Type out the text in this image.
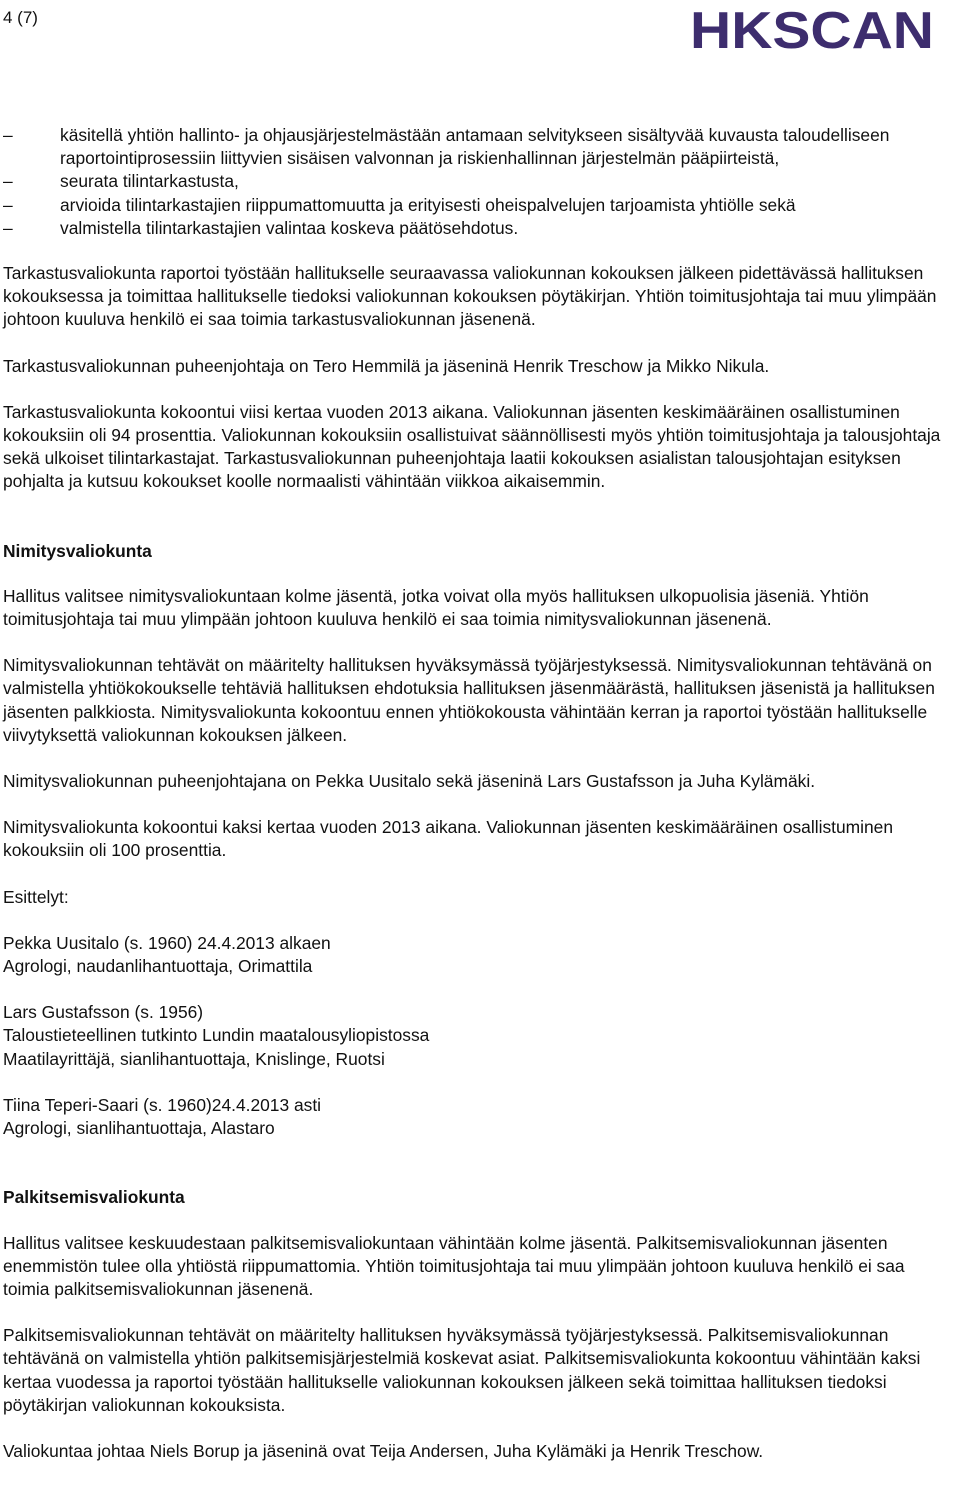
4 (7)	HKSCAN
–	käsitellä yhtiön hallinto- ja ohjausjärjestelmästään antamaan selvitykseen sisältyvää kuvausta taloudelliseen raportointiprosessiin liittyvien sisäisen valvonnan ja riskienhallinnan järjestelmän pääpiirteistä,
–	seurata tilintarkastusta,
–	arvioida tilintarkastajien riippumattomuutta ja erityisesti oheispalvelujen tarjoamista yhtiölle sekä
–	valmistella tilintarkastajien valintaa koskeva päätösehdotus.

Tarkastusvaliokunta raportoi työstään hallitukselle seuraavassa valiokunnan kokouksen jälkeen pidettävässä hallituksen kokouksessa ja toimittaa hallitukselle tiedoksi valiokunnan kokouksen pöytäkirjan. Yhtiön toimitusjohtaja tai muu ylimpään johtoon kuuluva henkilö ei saa toimia tarkastusvaliokunnan jäsenenä.

Tarkastusvaliokunnan puheenjohtaja on Tero Hemmilä ja jäseninä Henrik Treschow ja Mikko Nikula.

Tarkastusvaliokunta kokoontui viisi kertaa vuoden 2013 aikana. Valiokunnan jäsenten keskimääräinen osallistuminen kokouksiin oli 94 prosenttia. Valiokunnan kokouksiin osallistuivat säännöllisesti myös yhtiön toimitusjohtaja ja talousjohtaja sekä ulkoiset tilintarkastajat. Tarkastusvaliokunnan puheenjohtaja laatii kokouksen asialistan talousjohtajan esityksen pohjalta ja kutsuu kokoukset koolle normaalisti vähintään viikkoa aikaisemmin.

Nimitysvaliokunta

Hallitus valitsee nimitysvaliokuntaan kolme jäsentä, jotka voivat olla myös hallituksen ulkopuolisia jäseniä. Yhtiön toimitusjohtaja tai muu ylimpään johtoon kuuluva henkilö ei saa toimia nimitysvaliokunnan jäsenenä.

Nimitysvaliokunnan tehtävät on määritelty hallituksen hyväksymässä työjärjestyksessä. Nimitysvaliokunnan tehtävänä on valmistella yhtiökokoukselle tehtäviä hallituksen ehdotuksia hallituksen jäsenmäärästä, hallituksen jäsenistä ja hallituksen jäsenten palkkiosta. Nimitysvaliokunta kokoontuu ennen yhtiökokousta vähintään kerran ja raportoi työstään hallitukselle viivytyksettä valiokunnan kokouksen jälkeen.

Nimitysvaliokunnan puheenjohtajana on Pekka Uusitalo sekä jäseninä Lars Gustafsson ja Juha Kylämäki.

Nimitysvaliokunta kokoontui kaksi kertaa vuoden 2013 aikana. Valiokunnan jäsenten keskimääräinen osallistuminen kokouksiin oli 100 prosenttia.

Esittelyt:

Pekka Uusitalo (s. 1960) 24.4.2013 alkaen
Agrologi, naudanlihantuottaja, Orimattila

Lars Gustafsson (s. 1956)
Taloustieteellinen tutkinto Lundin maatalousyliopistossa
Maatilayrittäjä, sianlihantuottaja, Knislinge, Ruotsi

Tiina Teperi-Saari (s. 1960)24.4.2013 asti
Agrologi, sianlihantuottaja, Alastaro

Palkitsemisvaliokunta

Hallitus valitsee keskuudestaan palkitsemisvaliokuntaan vähintään kolme jäsentä. Palkitsemisvaliokunnan jäsenten enemmistön tulee olla yhtiöstä riippumattomia. Yhtiön toimitusjohtaja tai muu ylimpään johtoon kuuluva henkilö ei saa toimia palkitsemisvaliokunnan jäsenenä.

Palkitsemisvaliokunnan tehtävät on määritelty hallituksen hyväksymässä työjärjestyksessä. Palkitsemisvaliokunnan tehtävänä on valmistella yhtiön palkitsemisjärjestelmiä koskevat asiat. Palkitsemisvaliokunta kokoontuu vähintään kaksi kertaa vuodessa ja raportoi työstään hallitukselle valiokunnan kokouksen jälkeen sekä toimittaa hallituksen tiedoksi pöytäkirjan valiokunnan kokouksista.

Valiokuntaa johtaa Niels Borup ja jäseninä ovat Teija Andersen, Juha Kylämäki ja Henrik Treschow.
